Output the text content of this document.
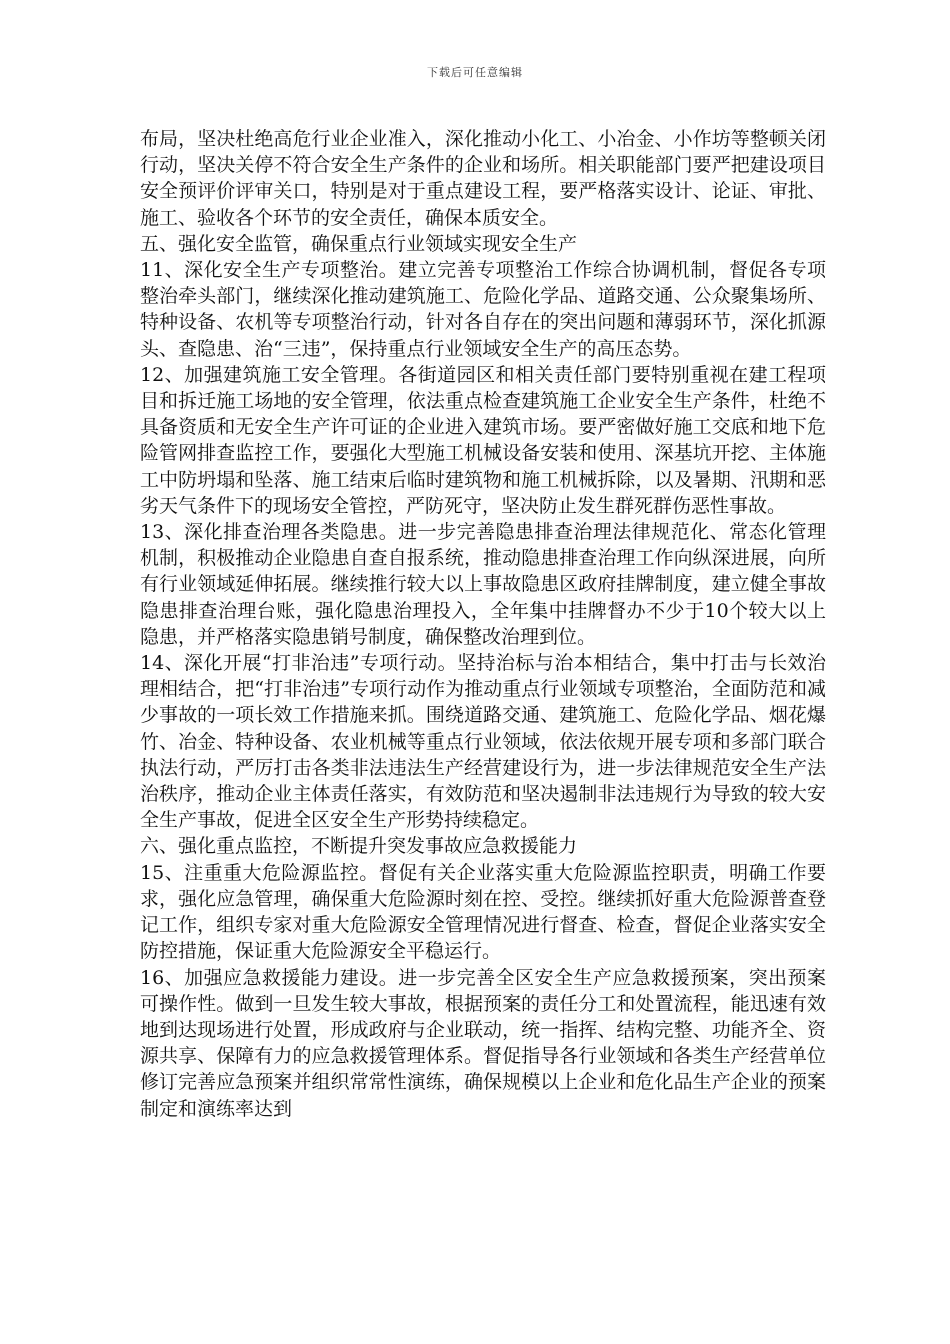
下载后可任意编辑

布局，坚决杜绝高危行业企业准入，深化推动小化工、小冶金、小作坊等整顿关闭行动，坚决关停不符合安全生产条件的企业和场所。相关职能部门要严把建设项目安全预评价评审关口，特别是对于重点建设工程，要严格落实设计、论证、审批、施工、验收各个环节的安全责任，确保本质安全。

五、强化安全监管，确保重点行业领域实现安全生产

11、深化安全生产专项整治。建立完善专项整治工作综合协调机制，督促各专项整治牵头部门，继续深化推动建筑施工、危险化学品、道路交通、公众聚集场所、特种设备、农机等专项整治行动，针对各自存在的突出问题和薄弱环节，深化抓源头、查隐患、治“三违”，保持重点行业领域安全生产的高压态势。

12、加强建筑施工安全管理。各街道园区和相关责任部门要特别重视在建工程项目和拆迁施工场地的安全管理，依法重点检查建筑施工企业安全生产条件，杜绝不具备资质和无安全生产许可证的企业进入建筑市场。要严密做好施工交底和地下危险管网排查监控工作，要强化大型施工机械设备安装和使用、深基坑开挖、主体施工中防坍塌和坠落、施工结束后临时建筑物和施工机械拆除，以及暑期、汛期和恶劣天气条件下的现场安全管控，严防死守，坚决防止发生群死群伤恶性事故。

13、深化排查治理各类隐患。进一步完善隐患排查治理法律规范化、常态化管理机制，积极推动企业隐患自查自报系统，推动隐患排查治理工作向纵深进展，向所有行业领域延伸拓展。继续推行较大以上事故隐患区政府挂牌制度，建立健全事故隐患排查治理台账，强化隐患治理投入，全年集中挂牌督办不少于10个较大以上隐患，并严格落实隐患销号制度，确保整改治理到位。

14、深化开展“打非治违”专项行动。坚持治标与治本相结合，集中打击与长效治理相结合，把“打非治违”专项行动作为推动重点行业领域专项整治，全面防范和减少事故的一项长效工作措施来抓。围绕道路交通、建筑施工、危险化学品、烟花爆竹、冶金、特种设备、农业机械等重点行业领域，依法依规开展专项和多部门联合执法行动，严厉打击各类非法违法生产经营建设行为，进一步法律规范安全生产法治秩序，推动企业主体责任落实，有效防范和坚决遏制非法违规行为导致的较大安全生产事故，促进全区安全生产形势持续稳定。

六、强化重点监控，不断提升突发事故应急救援能力

15、注重重大危险源监控。督促有关企业落实重大危险源监控职责，明确工作要求，强化应急管理，确保重大危险源时刻在控、受控。继续抓好重大危险源普查登记工作，组织专家对重大危险源安全管理情况进行督查、检查，督促企业落实安全防控措施，保证重大危险源安全平稳运行。

16、加强应急救援能力建设。进一步完善全区安全生产应急救援预案，突出预案可操作性。做到一旦发生较大事故，根据预案的责任分工和处置流程，能迅速有效地到达现场进行处置，形成政府与企业联动，统一指挥、结构完整、功能齐全、资源共享、保障有力的应急救援管理体系。督促指导各行业领域和各类生产经营单位修订完善应急预案并组织常常性演练，确保规模以上企业和危化品生产企业的预案制定和演练率达到
